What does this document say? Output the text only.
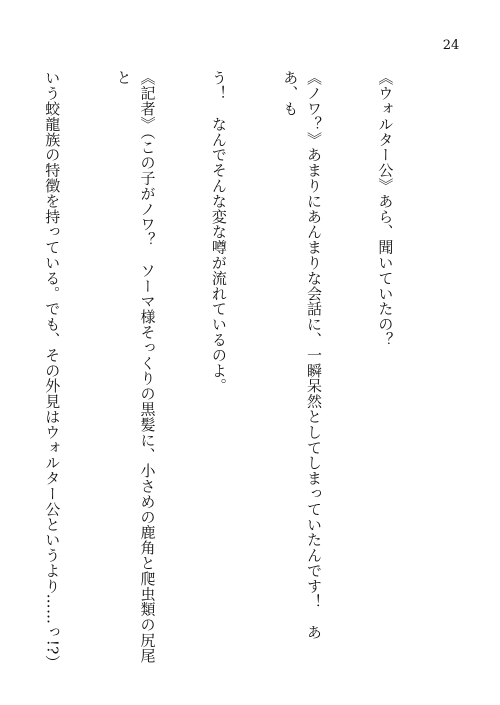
24

《ウォルター公》あら、聞いていたの？

《ノワ？》あまりにあんまりな会話に、一瞬呆然としてしまっていたんです！　ああ、も

う！　なんでそんな変な噂が流れているのよ。

《記者》（この子がノワ？　ソーマ様そっくりの黒髪に、小さめの鹿角と爬虫類の尻尾と

いう蛟龍族の特徴を持っている。でも、その外見はウォルター公というより……っ!?）
